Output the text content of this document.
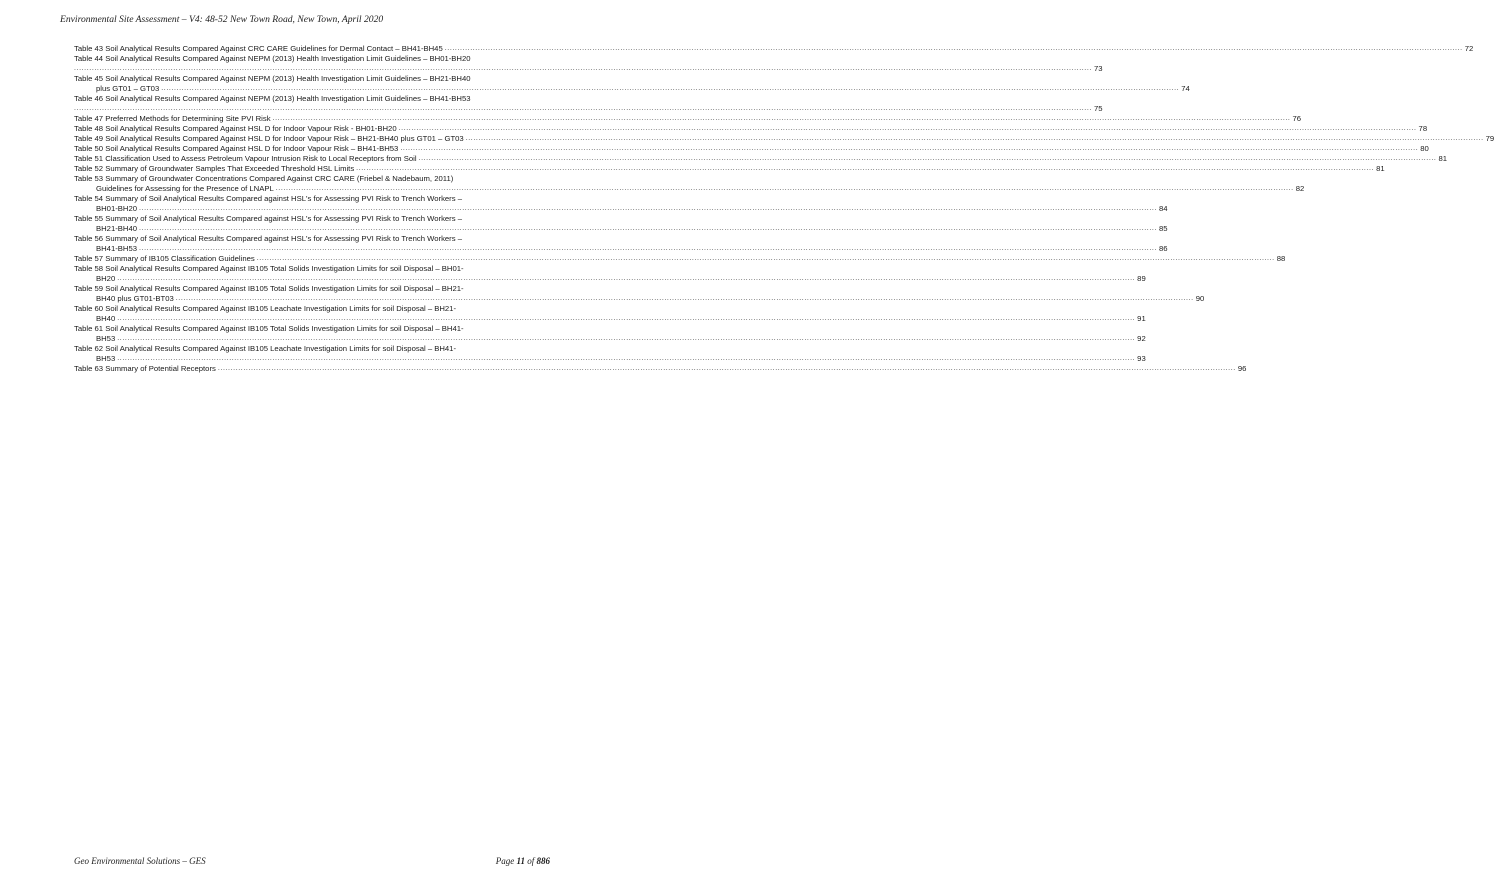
Environmental Site Assessment – V4: 48-52 New Town Road, New Town, April 2020
Table 43 Soil Analytical Results Compared Against CRC CARE Guidelines for Dermal Contact – BH41-BH45 ................................................................................................................................................................................................................................................................................................................................................................................................................ 72
Table 44 Soil Analytical Results Compared Against NEPM (2013) Health Investigation Limit Guidelines – BH01-BH20
................................................................................................................................................................................................................................................................................................................................................................................................................ 73
Table 45 Soil Analytical Results Compared Against NEPM (2013) Health Investigation Limit Guidelines – BH21-BH40
plus GT01 – GT03 ................................................................................................................................................................................................................................................................................................................................................................................................................ 74
Table 46 Soil Analytical Results Compared Against NEPM (2013) Health Investigation Limit Guidelines – BH41-BH53
................................................................................................................................................................................................................................................................................................................................................................................................................ 75
Table 47 Preferred Methods for Determining Site PVI Risk ................................................................................................................................................................................................................................................................................................................................................................................................................ 76
Table 48 Soil Analytical Results Compared Against HSL D for Indoor Vapour Risk - BH01-BH20 ................................................................................................................................................................................................................................................................................................................................................................................................................ 78
Table 49 Soil Analytical Results Compared Against HSL D for Indoor Vapour Risk – BH21-BH40 plus GT01 – GT03 ................................................................................................................................................................................................................................................................................................................................................................................................................ 79
Table 50 Soil Analytical Results Compared Against HSL D for Indoor Vapour Risk – BH41-BH53 ................................................................................................................................................................................................................................................................................................................................................................................................................ 80
Table 51 Classification Used to Assess Petroleum Vapour Intrusion Risk to Local Receptors from Soil ................................................................................................................................................................................................................................................................................................................................................................................................................ 81
Table 52 Summary of Groundwater Samples That Exceeded Threshold HSL Limits ................................................................................................................................................................................................................................................................................................................................................................................................................ 81
Table 53 Summary of Groundwater Concentrations Compared Against CRC CARE (Friebel & Nadebaum, 2011)
Guidelines for Assessing for the Presence of LNAPL ................................................................................................................................................................................................................................................................................................................................................................................................................ 82
Table 54 Summary of Soil Analytical Results Compared against HSL's for Assessing PVI Risk to Trench Workers –
BH01-BH20 ................................................................................................................................................................................................................................................................................................................................................................................................................ 84
Table 55 Summary of Soil Analytical Results Compared against HSL's for Assessing PVI Risk to Trench Workers –
BH21-BH40 ................................................................................................................................................................................................................................................................................................................................................................................................................ 85
Table 56 Summary of Soil Analytical Results Compared against HSL's for Assessing PVI Risk to Trench Workers –
BH41-BH53 ................................................................................................................................................................................................................................................................................................................................................................................................................ 86
Table 57 Summary of IB105 Classification Guidelines ................................................................................................................................................................................................................................................................................................................................................................................................................ 88
Table 58 Soil Analytical Results Compared Against IB105 Total Solids Investigation Limits for soil Disposal – BH01-
BH20 ................................................................................................................................................................................................................................................................................................................................................................................................................ 89
Table 59 Soil Analytical Results Compared Against IB105 Total Solids Investigation Limits for soil Disposal – BH21-
BH40 plus GT01-BT03 ................................................................................................................................................................................................................................................................................................................................................................................................................ 90
Table 60 Soil Analytical Results Compared Against IB105 Leachate Investigation Limits for soil Disposal – BH21-
BH40 ................................................................................................................................................................................................................................................................................................................................................................................................................ 91
Table 61 Soil Analytical Results Compared Against IB105 Total Solids Investigation Limits for soil Disposal – BH41-
BH53 ................................................................................................................................................................................................................................................................................................................................................................................................................ 92
Table 62 Soil Analytical Results Compared Against IB105 Leachate Investigation Limits for soil Disposal – BH41-
BH53 ................................................................................................................................................................................................................................................................................................................................................................................................................ 93
Table 63 Summary of Potential Receptors ................................................................................................................................................................................................................................................................................................................................................................................................................ 96
Geo Environmental Solutions – GES	Page 11 of 886
